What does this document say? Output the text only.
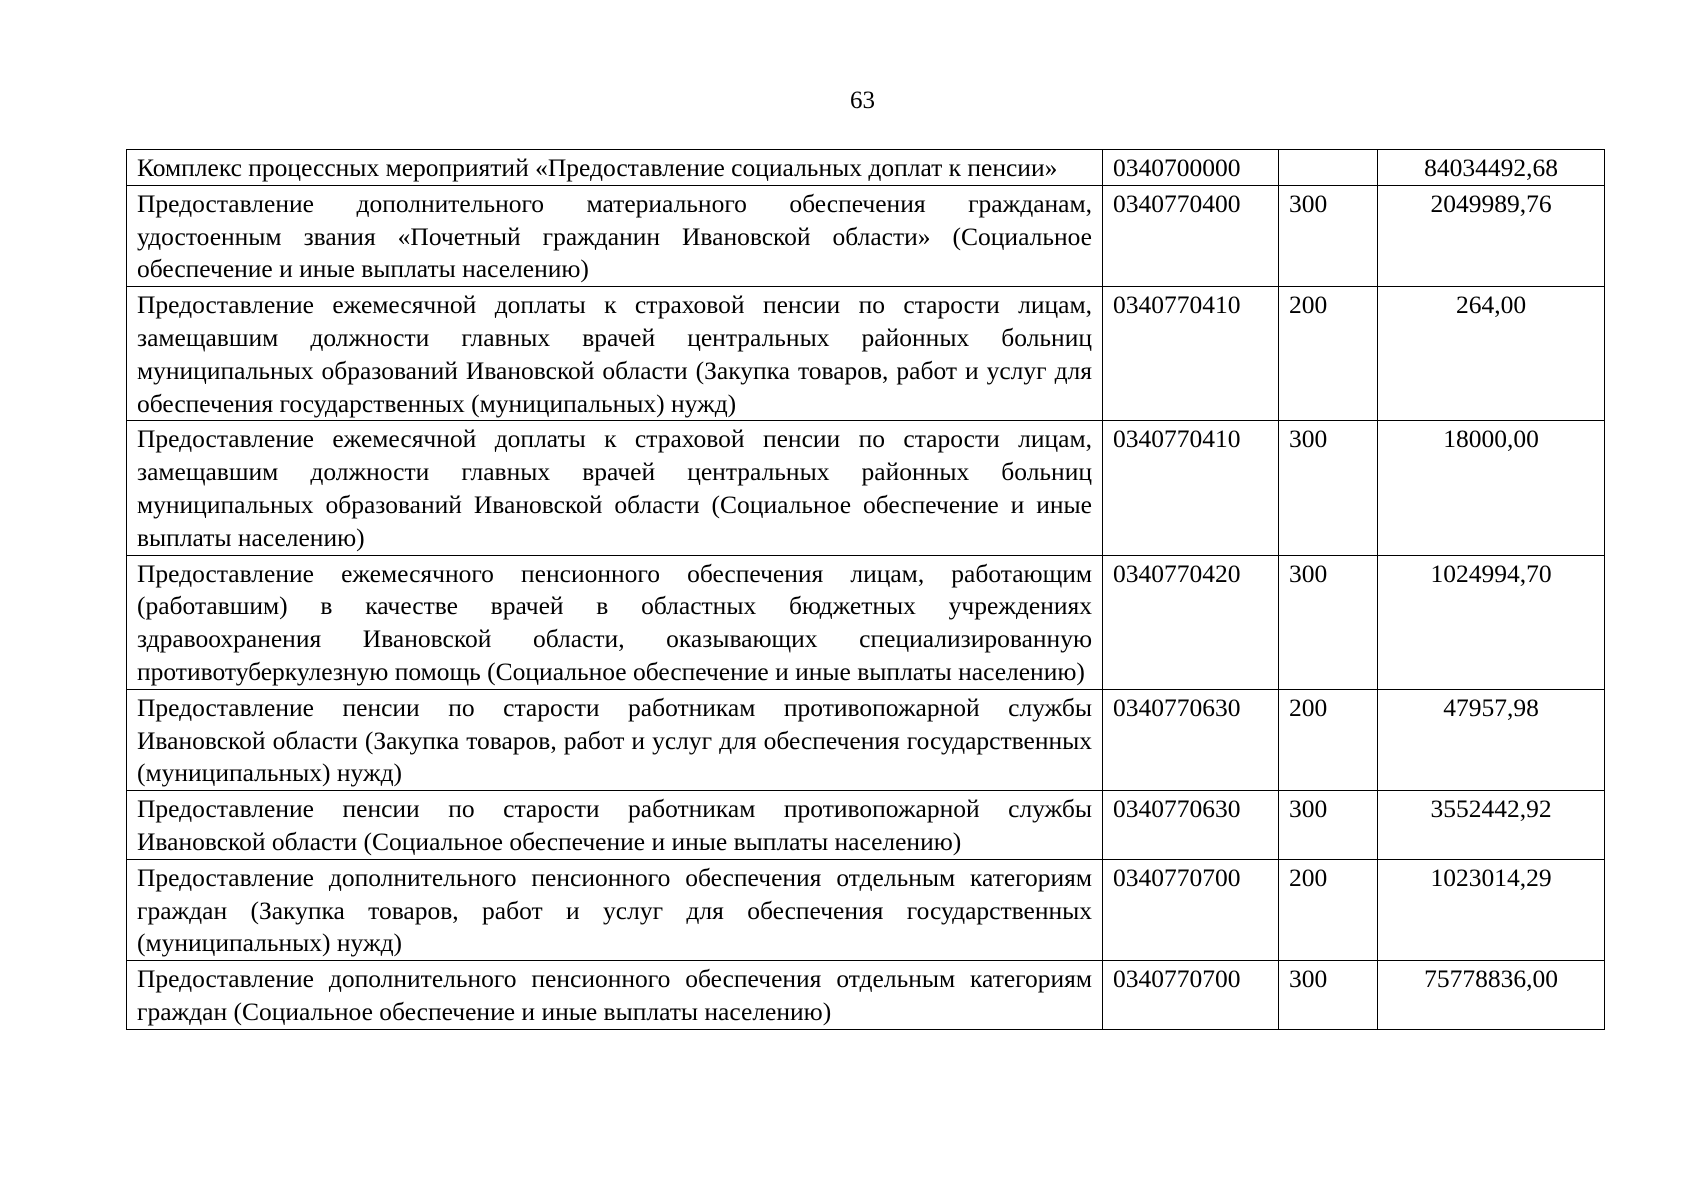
63
Комплекс процессных мероприятий «Предоставление социальных доплат к пенсии»	0340700000		84034492,68
Предоставление дополнительного материального обеспечения гражданам, удостоенным звания «Почетный гражданин Ивановской области» (Социальное обеспечение и иные выплаты населению)	0340770400	300	2049989,76
Предоставление ежемесячной доплаты к страховой пенсии по старости лицам, замещавшим должности главных врачей центральных районных больниц муниципальных образований Ивановской области (Закупка товаров, работ и услуг для обеспечения государственных (муниципальных) нужд)	0340770410	200	264,00
Предоставление ежемесячной доплаты к страховой пенсии по старости лицам, замещавшим должности главных врачей центральных районных больниц муниципальных образований Ивановской области (Социальное обеспечение и иные выплаты населению)	0340770410	300	18000,00
Предоставление ежемесячного пенсионного обеспечения лицам, работающим (работавшим) в качестве врачей в областных бюджетных учреждениях здравоохранения Ивановской области, оказывающих специализированную противотуберкулезную помощь (Социальное обеспечение и иные выплаты населению)	0340770420	300	1024994,70
Предоставление пенсии по старости работникам противопожарной службы Ивановской области (Закупка товаров, работ и услуг для обеспечения государственных (муниципальных) нужд)	0340770630	200	47957,98
Предоставление пенсии по старости работникам противопожарной службы Ивановской области (Социальное обеспечение и иные выплаты населению)	0340770630	300	3552442,92
Предоставление дополнительного пенсионного обеспечения отдельным категориям граждан (Закупка товаров, работ и услуг для обеспечения государственных (муниципальных) нужд)	0340770700	200	1023014,29
Предоставление дополнительного пенсионного обеспечения отдельным категориям граждан (Социальное обеспечение и иные выплаты населению)	0340770700	300	75778836,00
